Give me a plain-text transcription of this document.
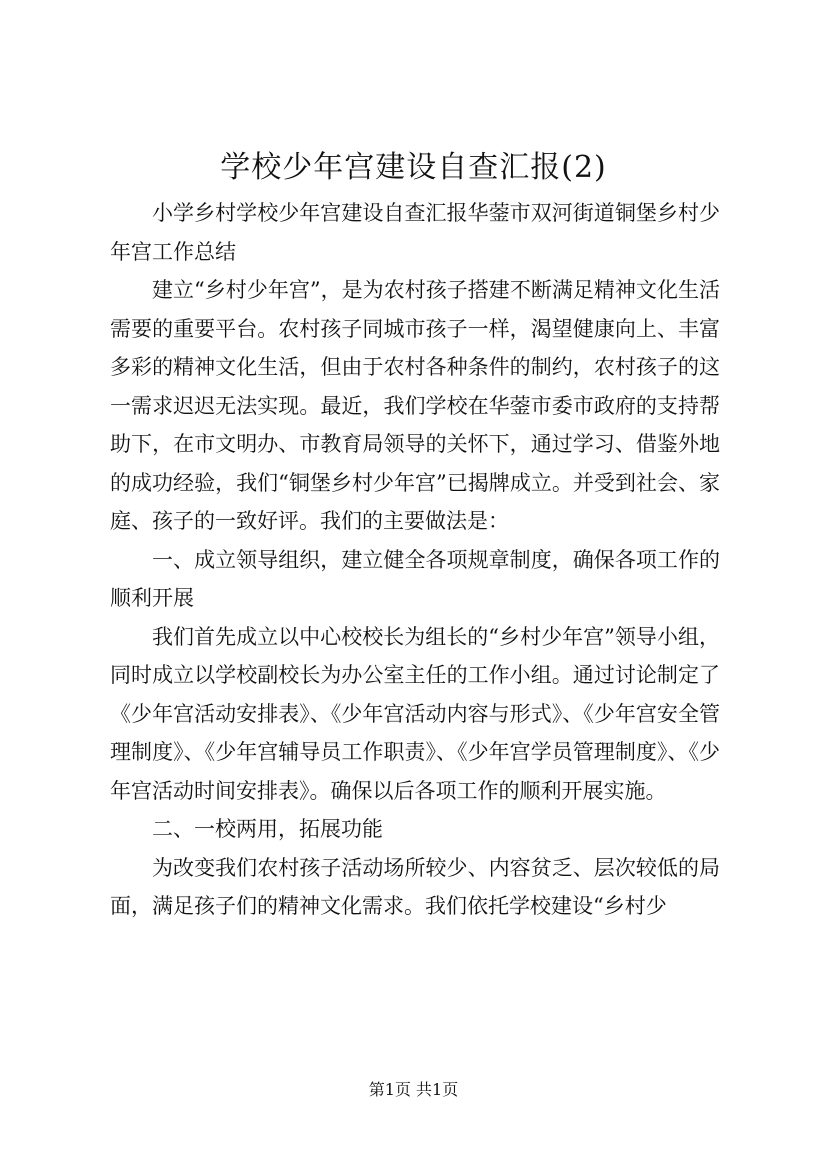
学校少年宫建设自查汇报(2)

小学乡村学校少年宫建设自查汇报华蓥市双河街道铜堡乡村少年宫工作总结

建立“乡村少年宫”，是为农村孩子搭建不断满足精神文化生活需要的重要平台。农村孩子同城市孩子一样，渴望健康向上、丰富多彩的精神文化生活，但由于农村各种条件的制约，农村孩子的这一需求迟迟无法实现。最近，我们学校在华蓥市委市政府的支持帮助下，在市文明办、市教育局领导的关怀下，通过学习、借鉴外地的成功经验，我们“铜堡乡村少年宫”已揭牌成立。并受到社会、家庭、孩子的一致好评。我们的主要做法是：

一、成立领导组织，建立健全各项规章制度，确保各项工作的顺利开展

我们首先成立以中心校校长为组长的“乡村少年宫”领导小组，同时成立以学校副校长为办公室主任的工作小组。通过讨论制定了《少年宫活动安排表》、《少年宫活动内容与形式》、《少年宫安全管理制度》、《少年宫辅导员工作职责》、《少年宫学员管理制度》、《少年宫活动时间安排表》。确保以后各项工作的顺利开展实施。

二、一校两用，拓展功能

为改变我们农村孩子活动场所较少、内容贫乏、层次较低的局面，满足孩子们的精神文化需求。我们依托学校建设“乡村少

第1页 共1页
